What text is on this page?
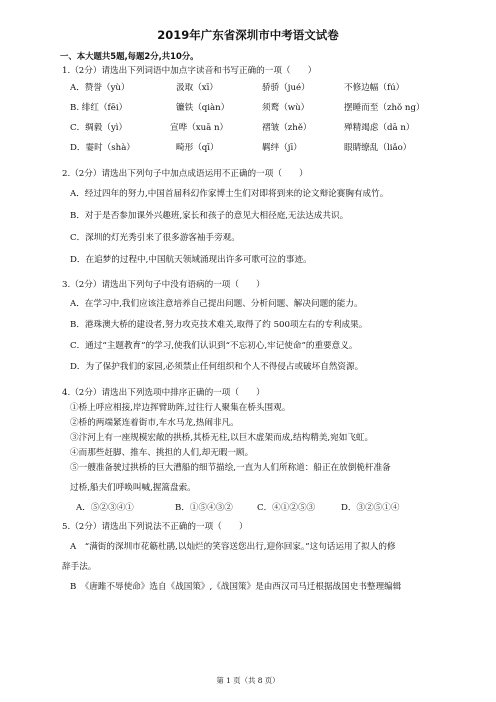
2019年广东省深圳市中考语文试卷
一、本大题共5题,每题2分,共10分。
1.（2分）请选出下列词语中加点字读音和书写正确的一项（　　）
A．赞誉（yù）	汲取（xī）	骄骄（jué）	不修边幅（fú）
B. 绯红（fēi）	镰铁（qiàn）	须鹜（wù）	摆睡而至（zhǒ ng）
C．绸毅（yì）	宣哗（xuā n）	褶皱（zhě）	殚精竭虑（dā n）
D．霎时（shà）	畸形（qī）	羁绊（jī）	眼睛缭乱（liǎo）
2.（2分）请选出下列句子中加点成语运用不正确的一项（　　）
A．经过四年的努力,中国首届科幻作家博士生们对即将到来的论文辩论赛胸有成竹。
B．对于是否参加课外兴趣班,家长和孩子的意见大相径庭,无法达成共识。
C．深圳的灯光秀引来了很多游客袖手旁观。
D．在追梦的过程中,中国航天领域涌现出许多可歌可泣的事迹。
3.（2分）请选出下列句子中没有语病的一项（　　）
A．在学习中,我们应该注意培养自己提出问题、分析问题、解决问题的能力。
B．港珠澳大桥的建设者,努力攻克技术难关,取得了约 500项左右的专利成果。
C．通过“主题教育”的学习,使我们认识到“不忘初心,牢记使命”的重要意义。
D．为了保护我们的家园,必须禁止任何组织和个人不得侵占或破坏自然资源。
4.（2分）请选出下列选项中排序正确的一项（　　）
①桥上呼应相接,岸边挥臂助阵,过往行人聚集在桥头围观。
②桥的两端紧连着街市,车水马龙,热闹非凡。
③汴河上有一座规模宏敞的拱桥,其桥无柱,以巨木虚架而成,结构精美,宛如飞虹。
④而那些赶脚、推车、挑担的人们,却无暇一顾。
⑤一艘准备驶过拱桥的巨大漕船的细节描绘,一直为人们所称道：船正在放倒桅杆准备
过桥,船夫们呼唤叫喊,握篙盘索。
A．⑤②③④①	B．①⑤④③②	C．④①②⑤③	D．③②⑤①④
5.（2分）请选出下列说法不正确的一项（　　）
A　“满街的深圳市花簕杜鹃,以灿烂的笑容送您出行,迎你回家。”这句话运用了拟人的修
辞手法。
B　《唐雎不辱使命》选自《战国策》,《战国策》是由西汉司马迁根据战国史书整理编辑
第 1 页（共 8 页）
